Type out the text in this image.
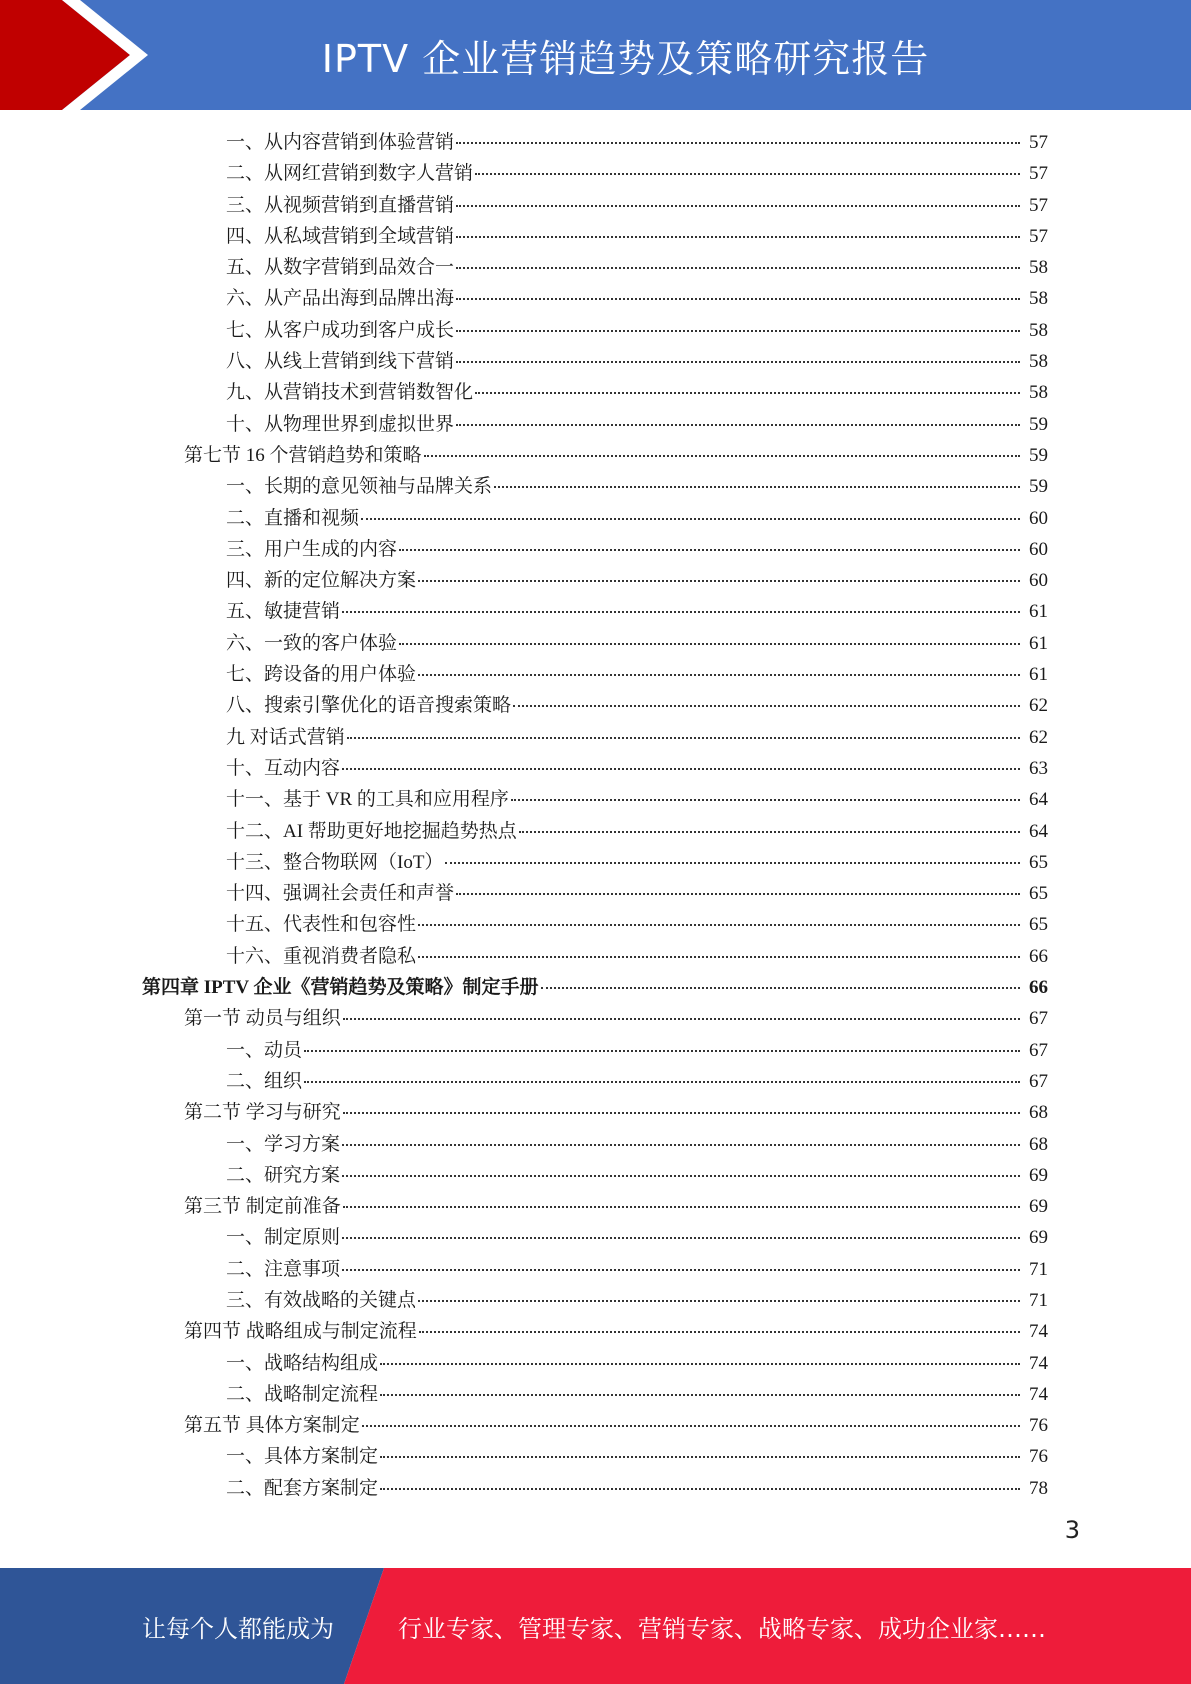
IPTV 企业营销趋势及策略研究报告
一、从内容营销到体验营销	57
二、从网红营销到数字人营销	57
三、从视频营销到直播营销	57
四、从私域营销到全域营销	57
五、从数字营销到品效合一	58
六、从产品出海到品牌出海	58
七、从客户成功到客户成长	58
八、从线上营销到线下营销	58
九、从营销技术到营销数智化	58
十、从物理世界到虚拟世界	59
第七节 16 个营销趋势和策略	59
一、长期的意见领袖与品牌关系	59
二、直播和视频	60
三、用户生成的内容	60
四、新的定位解决方案	60
五、敏捷营销	61
六、一致的客户体验	61
七、跨设备的用户体验	61
八、搜索引擎优化的语音搜索策略	62
九 对话式营销	62
十、互动内容	63
十一、基于 VR 的工具和应用程序	64
十二、AI 帮助更好地挖掘趋势热点	64
十三、整合物联网（IoT）	65
十四、强调社会责任和声誉	65
十五、代表性和包容性	65
十六、重视消费者隐私	66
第四章 IPTV 企业《营销趋势及策略》制定手册	66
第一节 动员与组织	67
一、动员	67
二、组织	67
第二节 学习与研究	68
一、学习方案	68
二、研究方案	69
第三节 制定前准备	69
一、制定原则	69
二、注意事项	71
三、有效战略的关键点	71
第四节 战略组成与制定流程	74
一、战略结构组成	74
二、战略制定流程	74
第五节 具体方案制定	76
一、具体方案制定	76
二、配套方案制定	78
3
让每个人都能成为	行业专家、管理专家、营销专家、战略专家、成功企业家……
